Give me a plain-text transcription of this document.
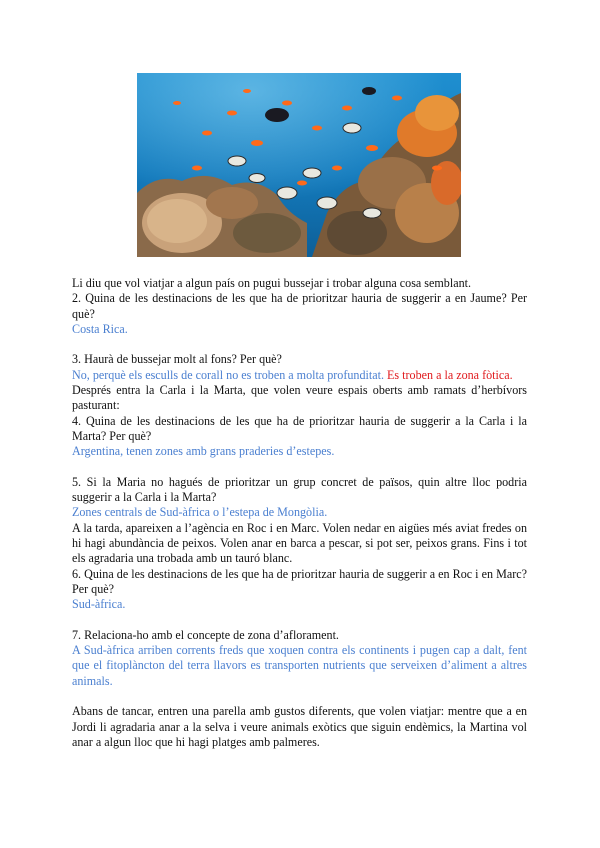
Li diu que vol viatjar a algun país on pugui bussejar i trobar alguna cosa semblant.

2. Quina de les destinacions de les que ha de prioritzar hauria de suggerir a en Jaume? Per què?

Costa Rica.

3. Haurà de bussejar molt al fons? Per què?

No, perquè els esculls de corall no es troben a molta profunditat. Es troben a la zona fòtica.

Després entra la Carla i la Marta, que volen veure espais oberts amb ramats d’herbívors pasturant:

4. Quina de les destinacions de les que ha de prioritzar hauria de suggerir a la Carla i la Marta? Per què?

Argentina, tenen zones amb grans praderies d’estepes.

5. Si la Maria no hagués de prioritzar un grup concret de països, quin altre lloc podria suggerir a la Carla i la Marta?

Zones centrals de Sud-àfrica o l’estepa de Mongòlia.

A la tarda, apareixen a l’agència en Roc i en Marc. Volen nedar en aigües més aviat fredes on hi hagi abundància de peixos. Volen anar en barca a pescar, si pot ser, peixos grans. Fins i tot els agradaria una trobada amb un tauró blanc.

6. Quina de les destinacions de les que ha de prioritzar hauria de suggerir a en Roc i en Marc? Per què?

Sud-àfrica.

7. Relaciona-ho amb el concepte de zona d’aflorament.

A Sud-àfrica arriben corrents freds que xoquen contra els continents i pugen cap a dalt, fent que el fitoplàncton del terra llavors es transporten nutrients que serveixen d’aliment a altres animals.

Abans de tancar, entren una parella amb gustos diferents, que volen viatjar: mentre que a en Jordi li agradaria anar a la selva i veure animals exòtics que siguin endèmics, la Martina vol anar a algun lloc que hi hagi platges amb palmeres.
